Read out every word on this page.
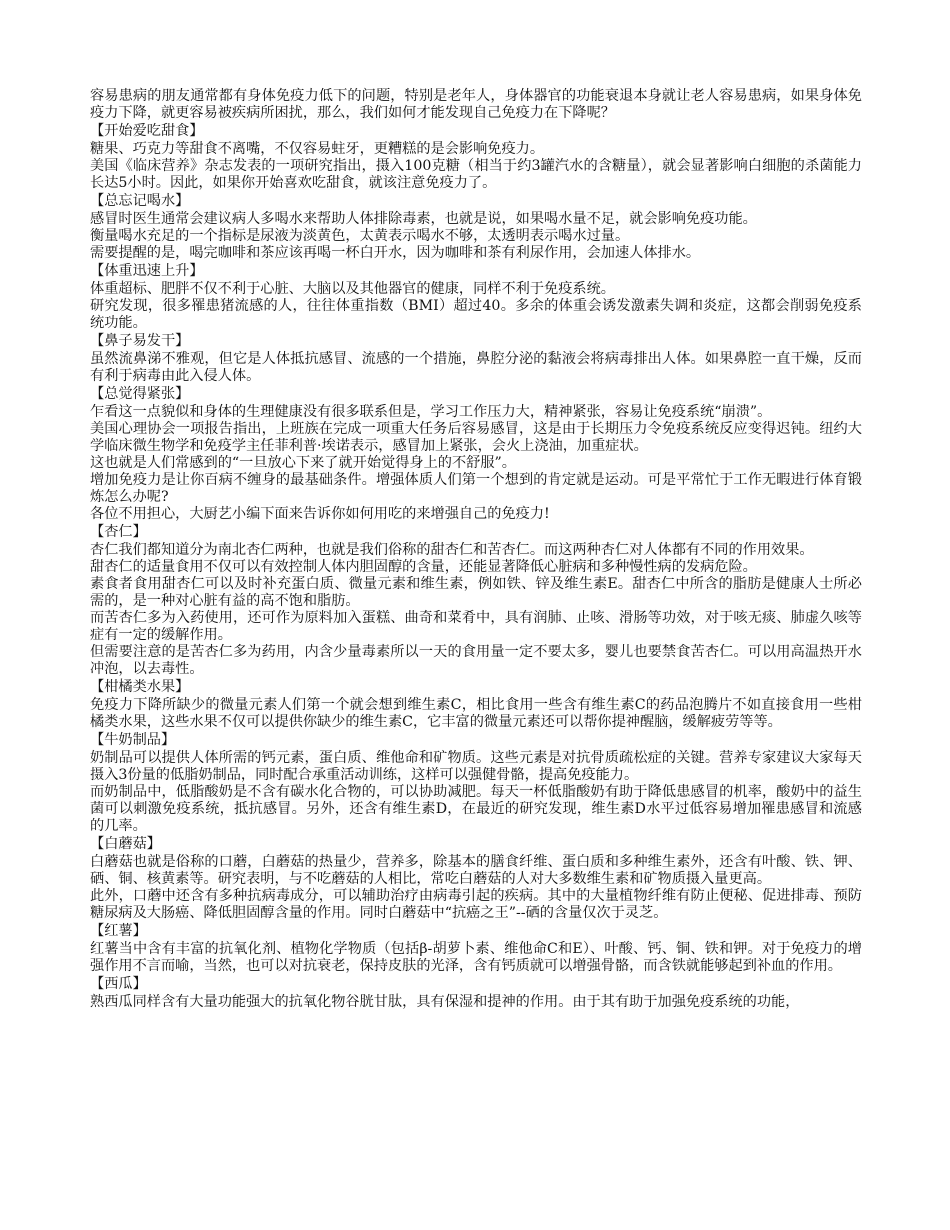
容易患病的朋友通常都有身体免疫力低下的问题，特别是老年人，身体器官的功能衰退本身就让老人容易患病，如果身体免疫力下降，就更容易被疾病所困扰，那么，我们如何才能发现自己免疫力在下降呢？

【开始爱吃甜食】

糖果、巧克力等甜食不离嘴，不仅容易蛀牙，更糟糕的是会影响免疫力。

美国《临床营养》杂志发表的一项研究指出，摄入100克糖（相当于约3罐汽水的含糖量），就会显著影响白细胞的杀菌能力长达5小时。因此，如果你开始喜欢吃甜食，就该注意免疫力了。

【总忘记喝水】

感冒时医生通常会建议病人多喝水来帮助人体排除毒素，也就是说，如果喝水量不足，就会影响免疫功能。

衡量喝水充足的一个指标是尿液为淡黄色，太黄表示喝水不够，太透明表示喝水过量。

需要提醒的是，喝完咖啡和茶应该再喝一杯白开水，因为咖啡和茶有利尿作用，会加速人体排水。

【体重迅速上升】

体重超标、肥胖不仅不利于心脏、大脑以及其他器官的健康，同样不利于免疫系统。

研究发现，很多罹患猪流感的人，往往体重指数（BMI）超过40。多余的体重会诱发激素失调和炎症，这都会削弱免疫系统功能。

【鼻子易发干】

虽然流鼻涕不雅观，但它是人体抵抗感冒、流感的一个措施，鼻腔分泌的黏液会将病毒排出人体。如果鼻腔一直干燥，反而有利于病毒由此入侵人体。

【总觉得紧张】

乍看这一点貌似和身体的生理健康没有很多联系但是，学习工作压力大，精神紧张，容易让免疫系统“崩溃”。

美国心理协会一项报告指出，上班族在完成一项重大任务后容易感冒，这是由于长期压力令免疫系统反应变得迟钝。纽约大学临床微生物学和免疫学主任菲利普·埃诺表示，感冒加上紧张，会火上浇油，加重症状。

这也就是人们常感到的“一旦放心下来了就开始觉得身上的不舒服”。

增加免疫力是让你百病不缠身的最基础条件。增强体质人们第一个想到的肯定就是运动。可是平常忙于工作无暇进行体育锻炼怎么办呢?

各位不用担心，大厨艺小编下面来告诉你如何用吃的来增强自己的免疫力!

【杏仁】

杏仁我们都知道分为南北杏仁两种，也就是我们俗称的甜杏仁和苦杏仁。而这两种杏仁对人体都有不同的作用效果。

甜杏仁的适量食用不仅可以有效控制人体内胆固醇的含量，还能显著降低心脏病和多种慢性病的发病危险。

素食者食用甜杏仁可以及时补充蛋白质、微量元素和维生素，例如铁、锌及维生素E。甜杏仁中所含的脂肪是健康人士所必需的，是一种对心脏有益的高不饱和脂肪。

而苦杏仁多为入药使用，还可作为原料加入蛋糕、曲奇和菜肴中，具有润肺、止咳、滑肠等功效，对于咳无痰、肺虚久咳等症有一定的缓解作用。

但需要注意的是苦杏仁多为药用，内含少量毒素所以一天的食用量一定不要太多，婴儿也要禁食苦杏仁。可以用高温热开水冲泡，以去毒性。

【柑橘类水果】

免疫力下降所缺少的微量元素人们第一个就会想到维生素C，相比食用一些含有维生素C的药品泡腾片不如直接食用一些柑橘类水果，这些水果不仅可以提供你缺少的维生素C，它丰富的微量元素还可以帮你提神醒脑，缓解疲劳等等。

【牛奶制品】

奶制品可以提供人体所需的钙元素，蛋白质、维他命和矿物质。这些元素是对抗骨质疏松症的关键。营养专家建议大家每天摄入3份量的低脂奶制品，同时配合承重活动训练，这样可以强健骨骼，提高免疫能力。

而奶制品中，低脂酸奶是不含有碳水化合物的，可以协助减肥。每天一杯低脂酸奶有助于降低患感冒的机率，酸奶中的益生菌可以刺激免疫系统，抵抗感冒。另外，还含有维生素D，在最近的研究发现，维生素D水平过低容易增加罹患感冒和流感的几率。

【白蘑菇】

白蘑菇也就是俗称的口蘑，白蘑菇的热量少，营养多，除基本的膳食纤维、蛋白质和多种维生素外，还含有叶酸、铁、钾、硒、铜、核黄素等。研究表明，与不吃蘑菇的人相比，常吃白蘑菇的人对大多数维生素和矿物质摄入量更高。

此外，口蘑中还含有多种抗病毒成分，可以辅助治疗由病毒引起的疾病。其中的大量植物纤维有防止便秘、促进排毒、预防糖尿病及大肠癌、降低胆固醇含量的作用。同时白蘑菇中“抗癌之王”--硒的含量仅次于灵芝。

【红薯】

红薯当中含有丰富的抗氧化剂、植物化学物质（包括β-胡萝卜素、维他命C和E）、叶酸、钙、铜、铁和钾。对于免疫力的增强作用不言而喻，当然，也可以对抗衰老，保持皮肤的光泽，含有钙质就可以增强骨骼，而含铁就能够起到补血的作用。

【西瓜】

熟西瓜同样含有大量功能强大的抗氧化物谷胱甘肽，具有保湿和提神的作用。由于其有助于加强免疫系统的功能，
